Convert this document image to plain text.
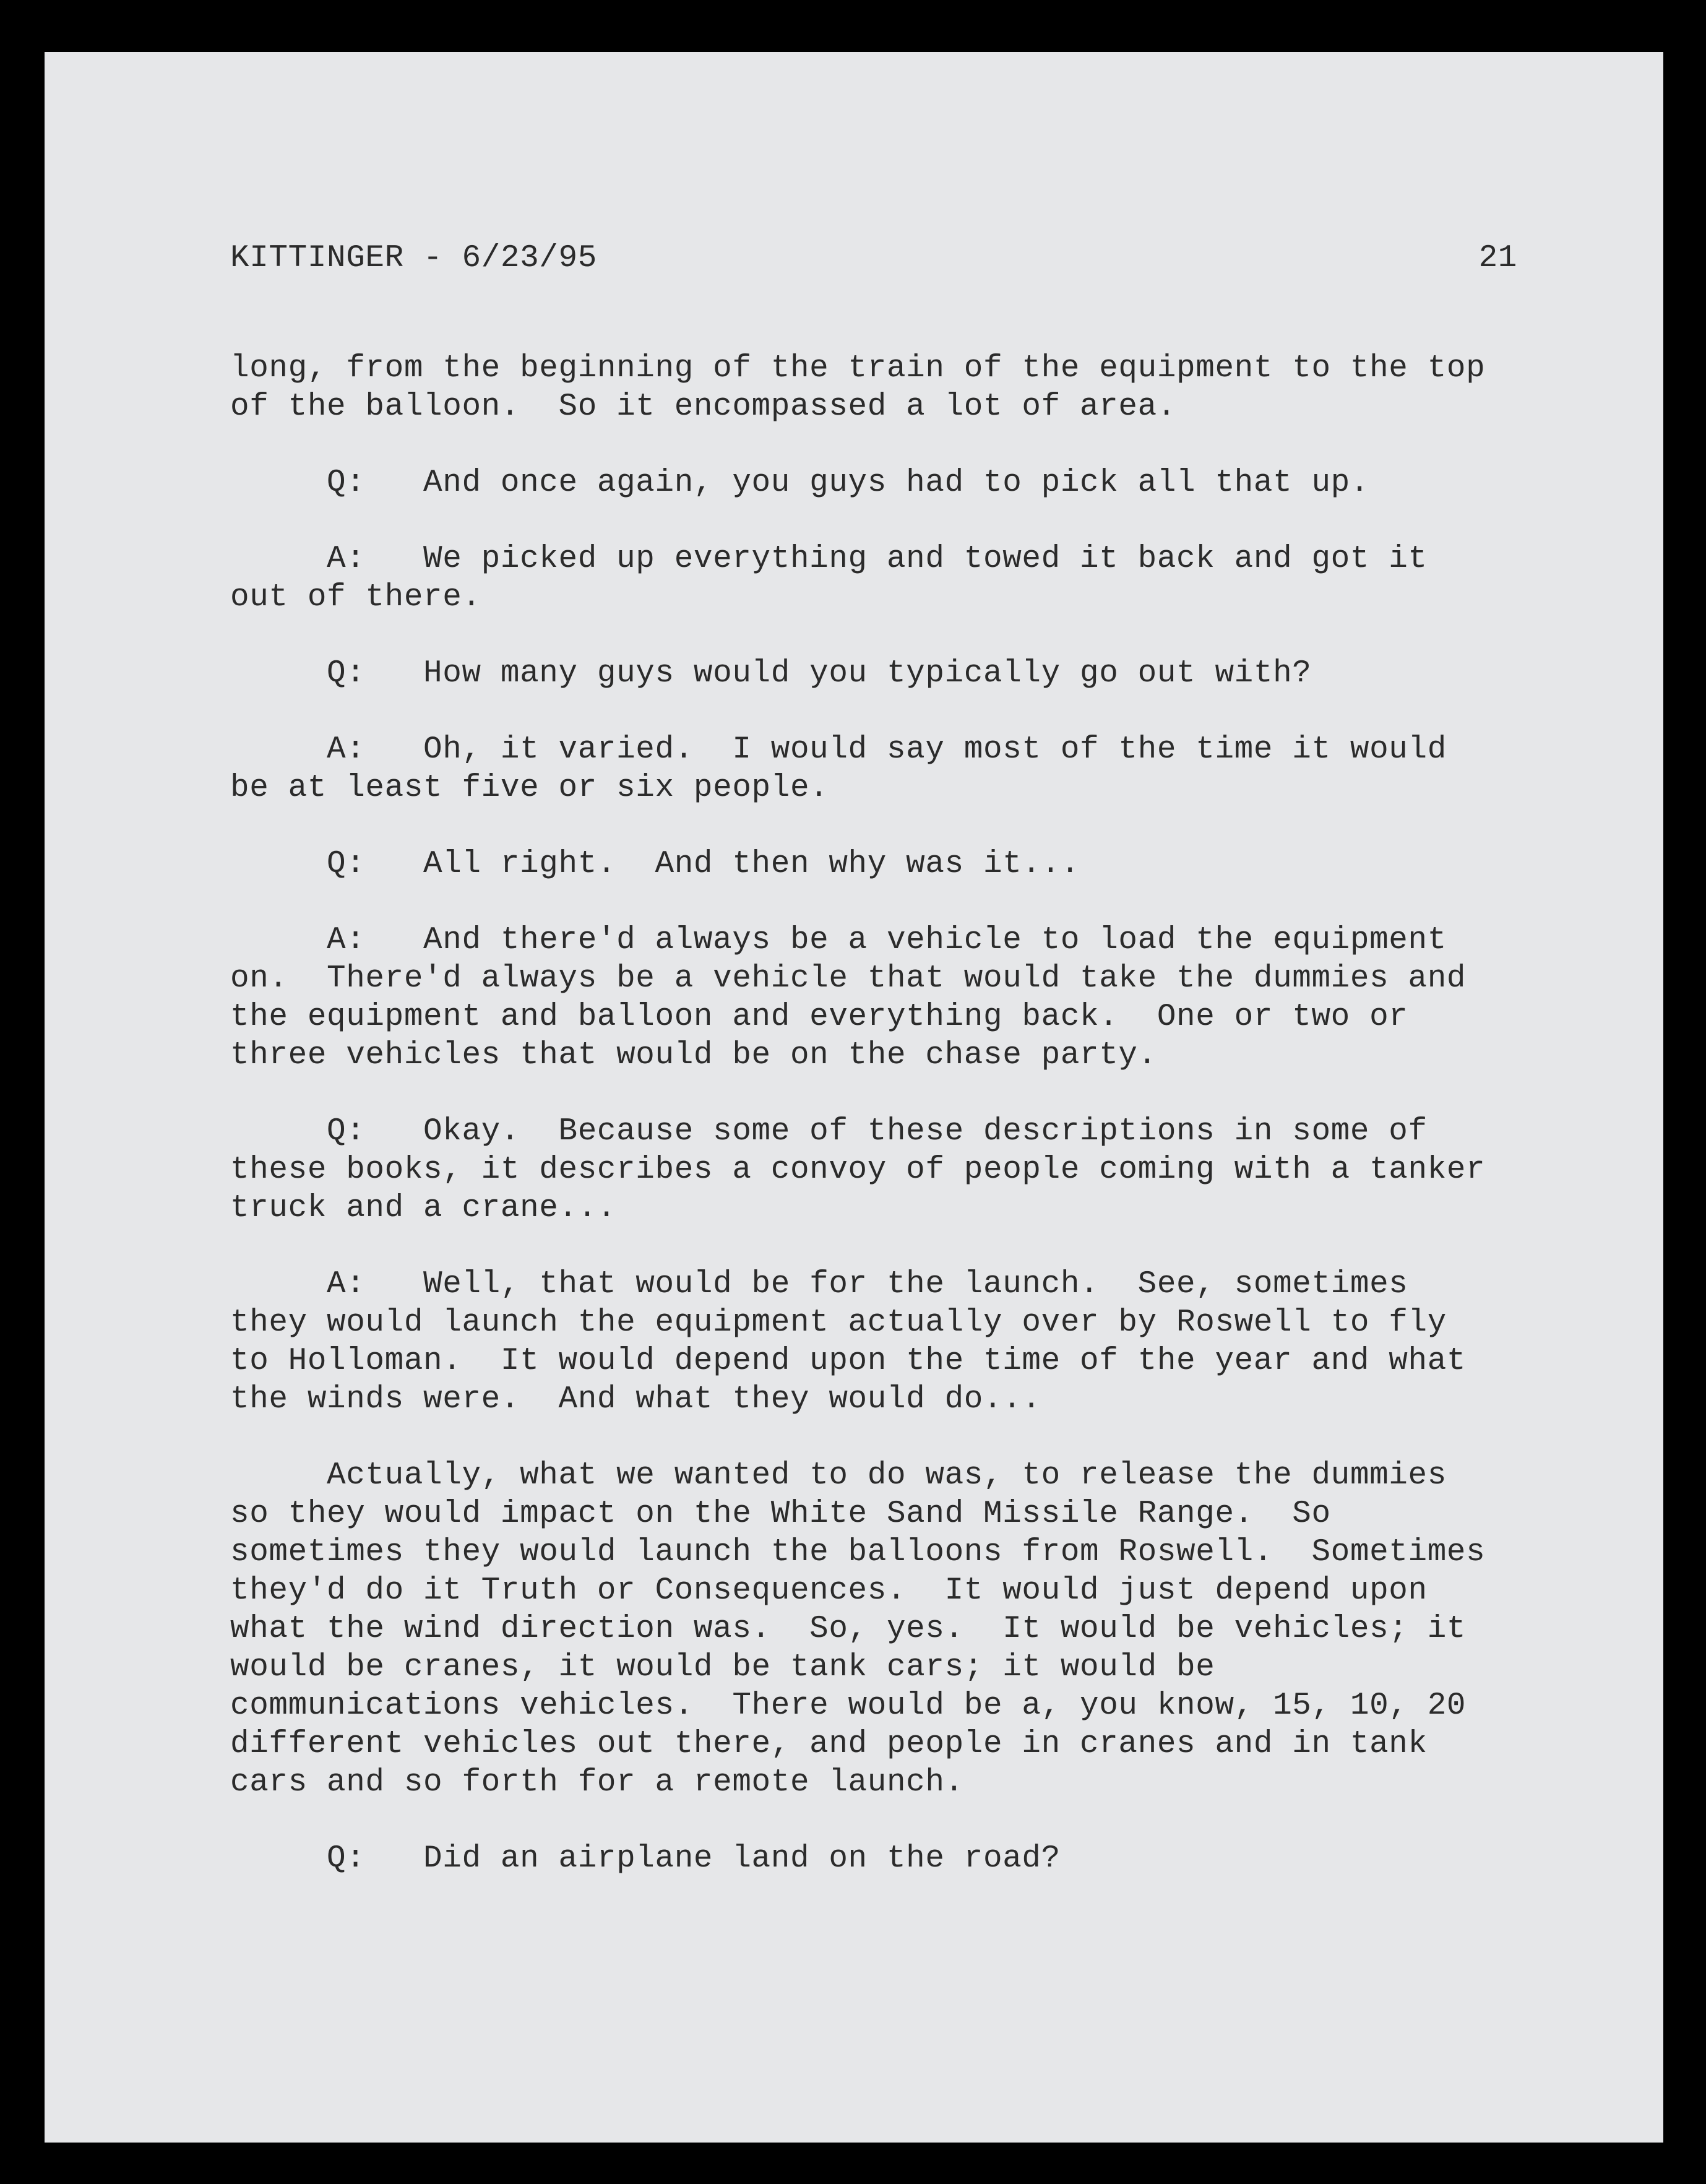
KITTINGER - 6/23/95	21
long, from the beginning of the train of the equipment to the top
of the balloon.  So it encompassed a lot of area.
Q:   And once again, you guys had to pick all that up.
A:   We picked up everything and towed it back and got it
out of there.
Q:   How many guys would you typically go out with?
A:   Oh, it varied.  I would say most of the time it would
be at least five or six people.
Q:   All right.  And then why was it...
A:   And there'd always be a vehicle to load the equipment
on.  There'd always be a vehicle that would take the dummies and
the equipment and balloon and everything back.  One or two or
three vehicles that would be on the chase party.
Q:   Okay.  Because some of these descriptions in some of
these books, it describes a convoy of people coming with a tanker
truck and a crane...
A:   Well, that would be for the launch.  See, sometimes
they would launch the equipment actually over by Roswell to fly
to Holloman.  It would depend upon the time of the year and what
the winds were.  And what they would do...
Actually, what we wanted to do was, to release the dummies
so they would impact on the White Sand Missile Range.  So
sometimes they would launch the balloons from Roswell.  Sometimes
they'd do it Truth or Consequences.  It would just depend upon
what the wind direction was.  So, yes.  It would be vehicles; it
would be cranes, it would be tank cars; it would be
communications vehicles.  There would be a, you know, 15, 10, 20
different vehicles out there, and people in cranes and in tank
cars and so forth for a remote launch.
Q:   Did an airplane land on the road?
